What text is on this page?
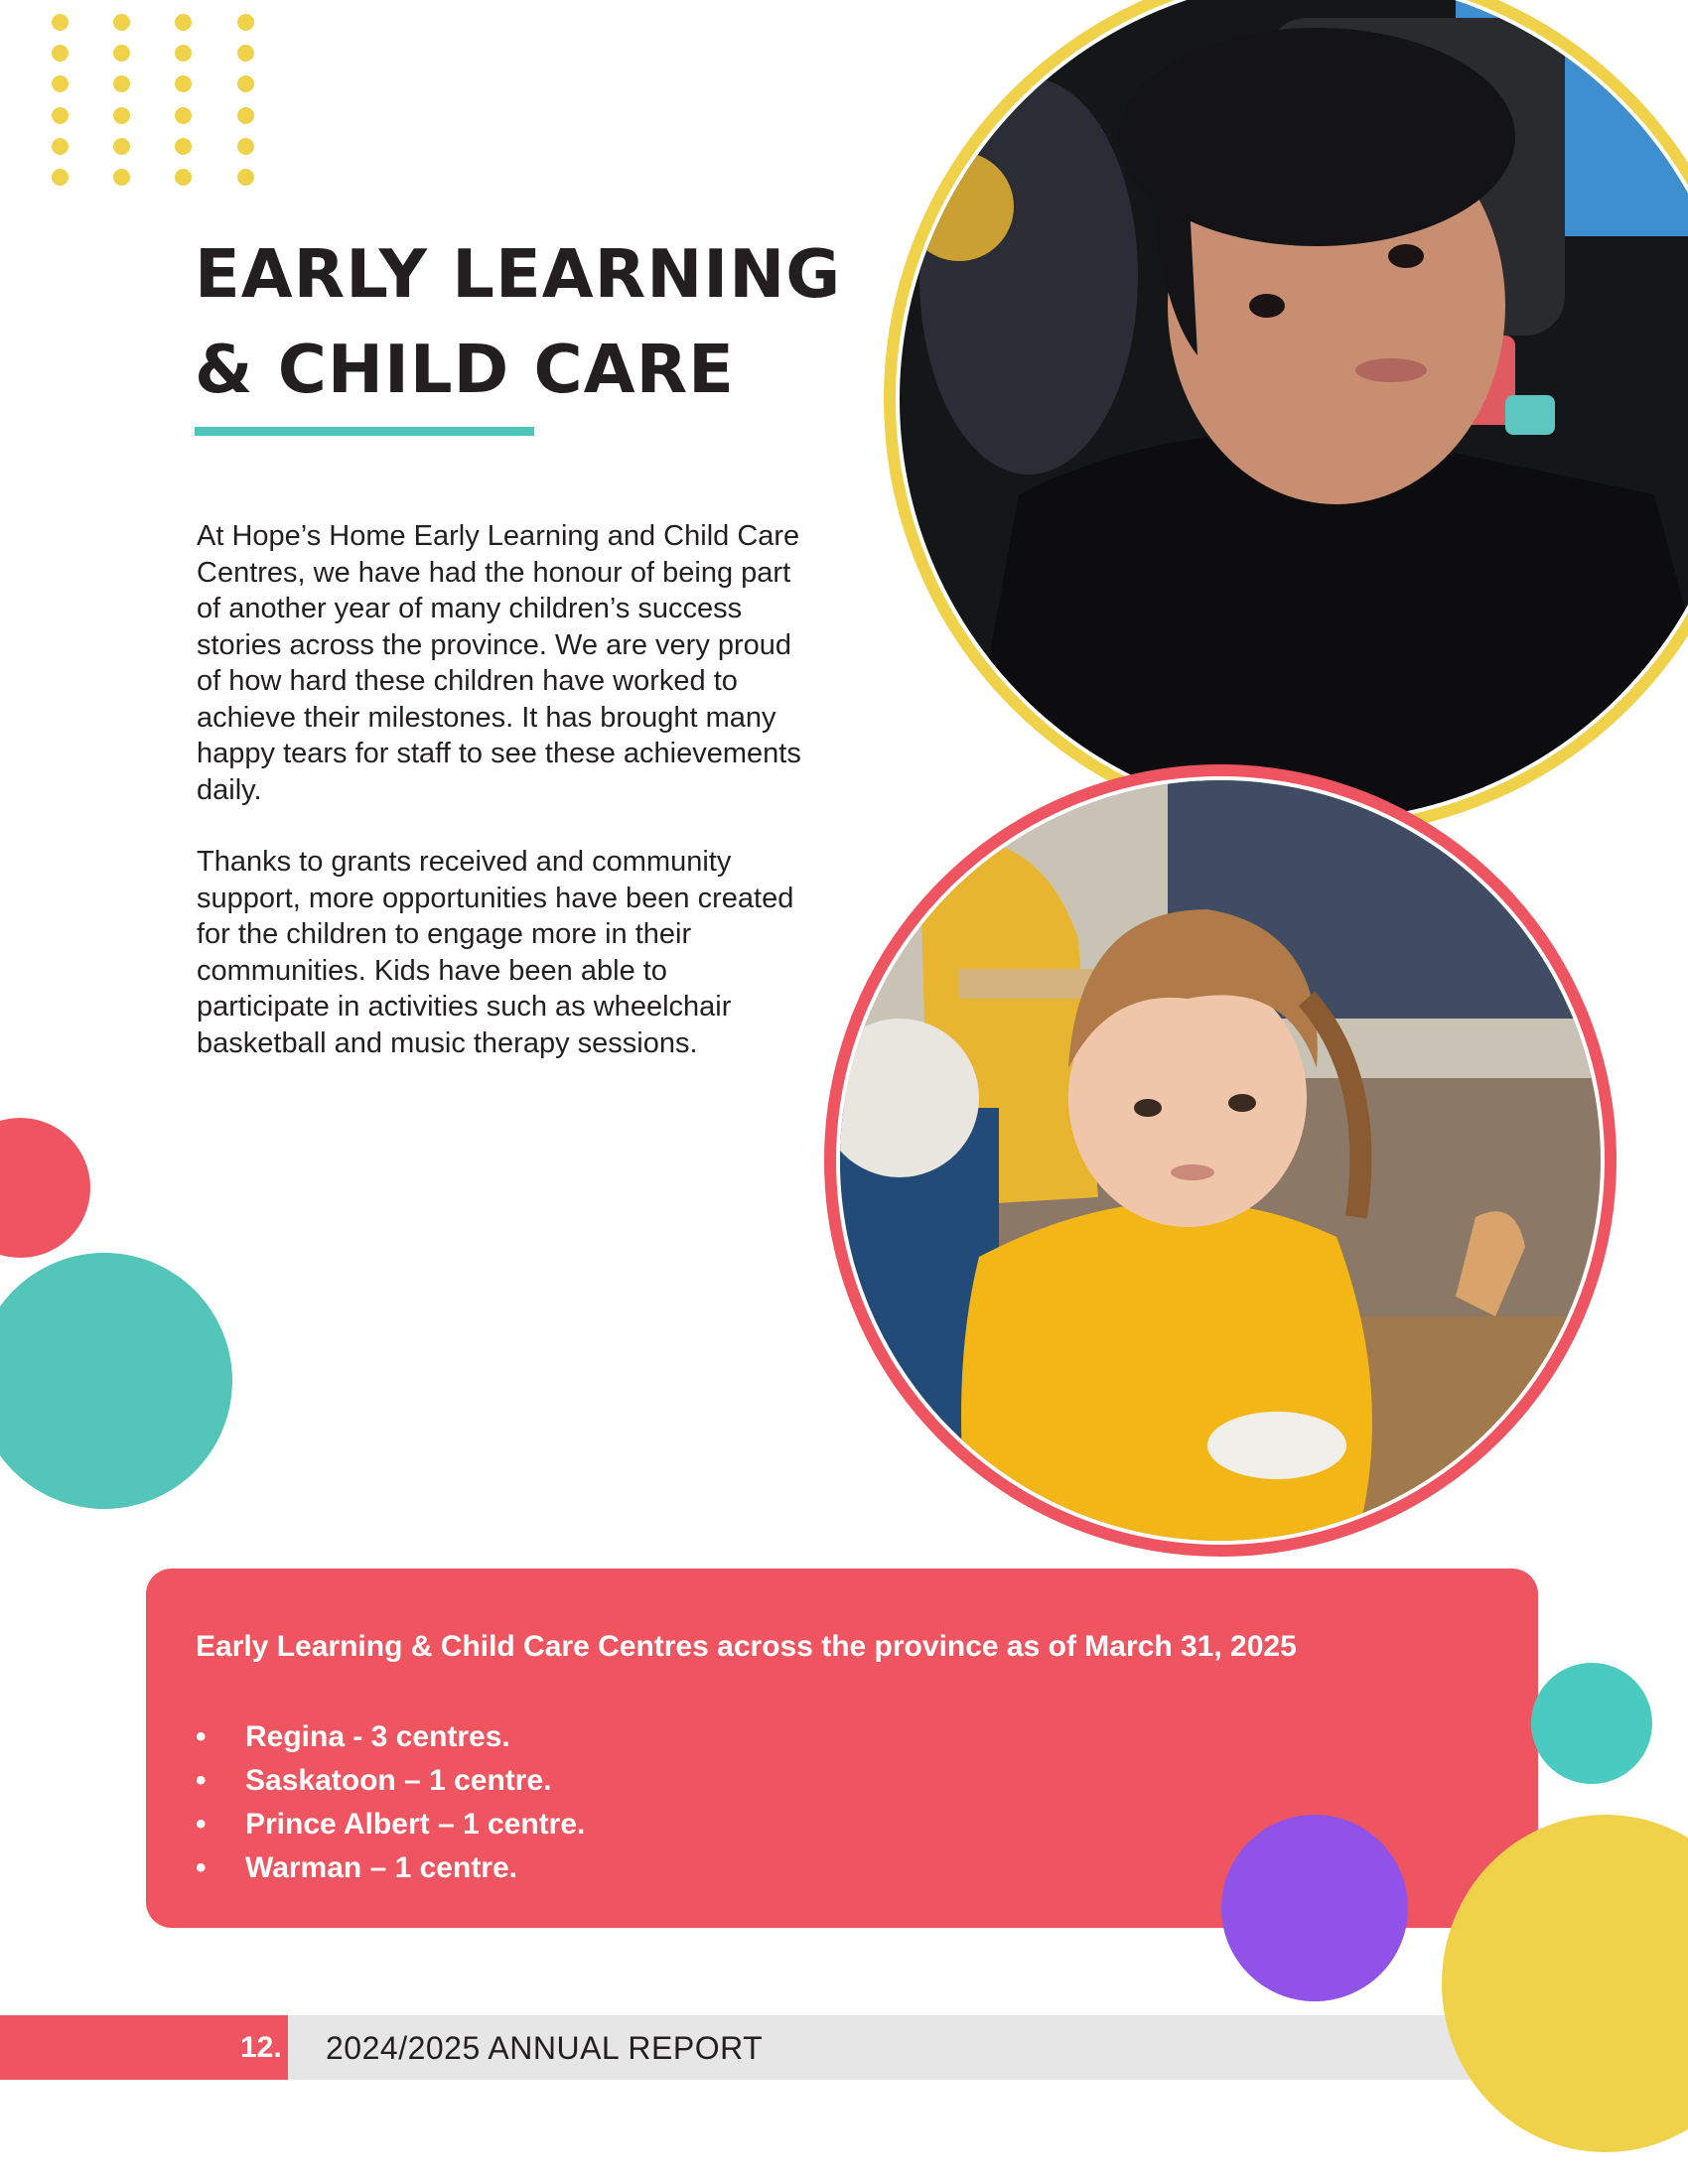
EARLY LEARNING
& CHILD CARE

At Hope’s Home Early Learning and Child Care Centres, we have had the honour of being part of another year of many children’s success stories across the province. We are very proud of how hard these children have worked to achieve their milestones. It has brought many happy tears for staff to see these achievements daily.

Thanks to grants received and community support, more opportunities have been created for the children to engage more in their communities. Kids have been able to participate in activities such as wheelchair basketball and music therapy sessions.

Early Learning & Child Care Centres across the province as of March 31, 2025
• Regina - 3 centres.
• Saskatoon – 1 centre.
• Prince Albert – 1 centre.
• Warman – 1 centre.
12. 2024/2025 ANNUAL REPORT
